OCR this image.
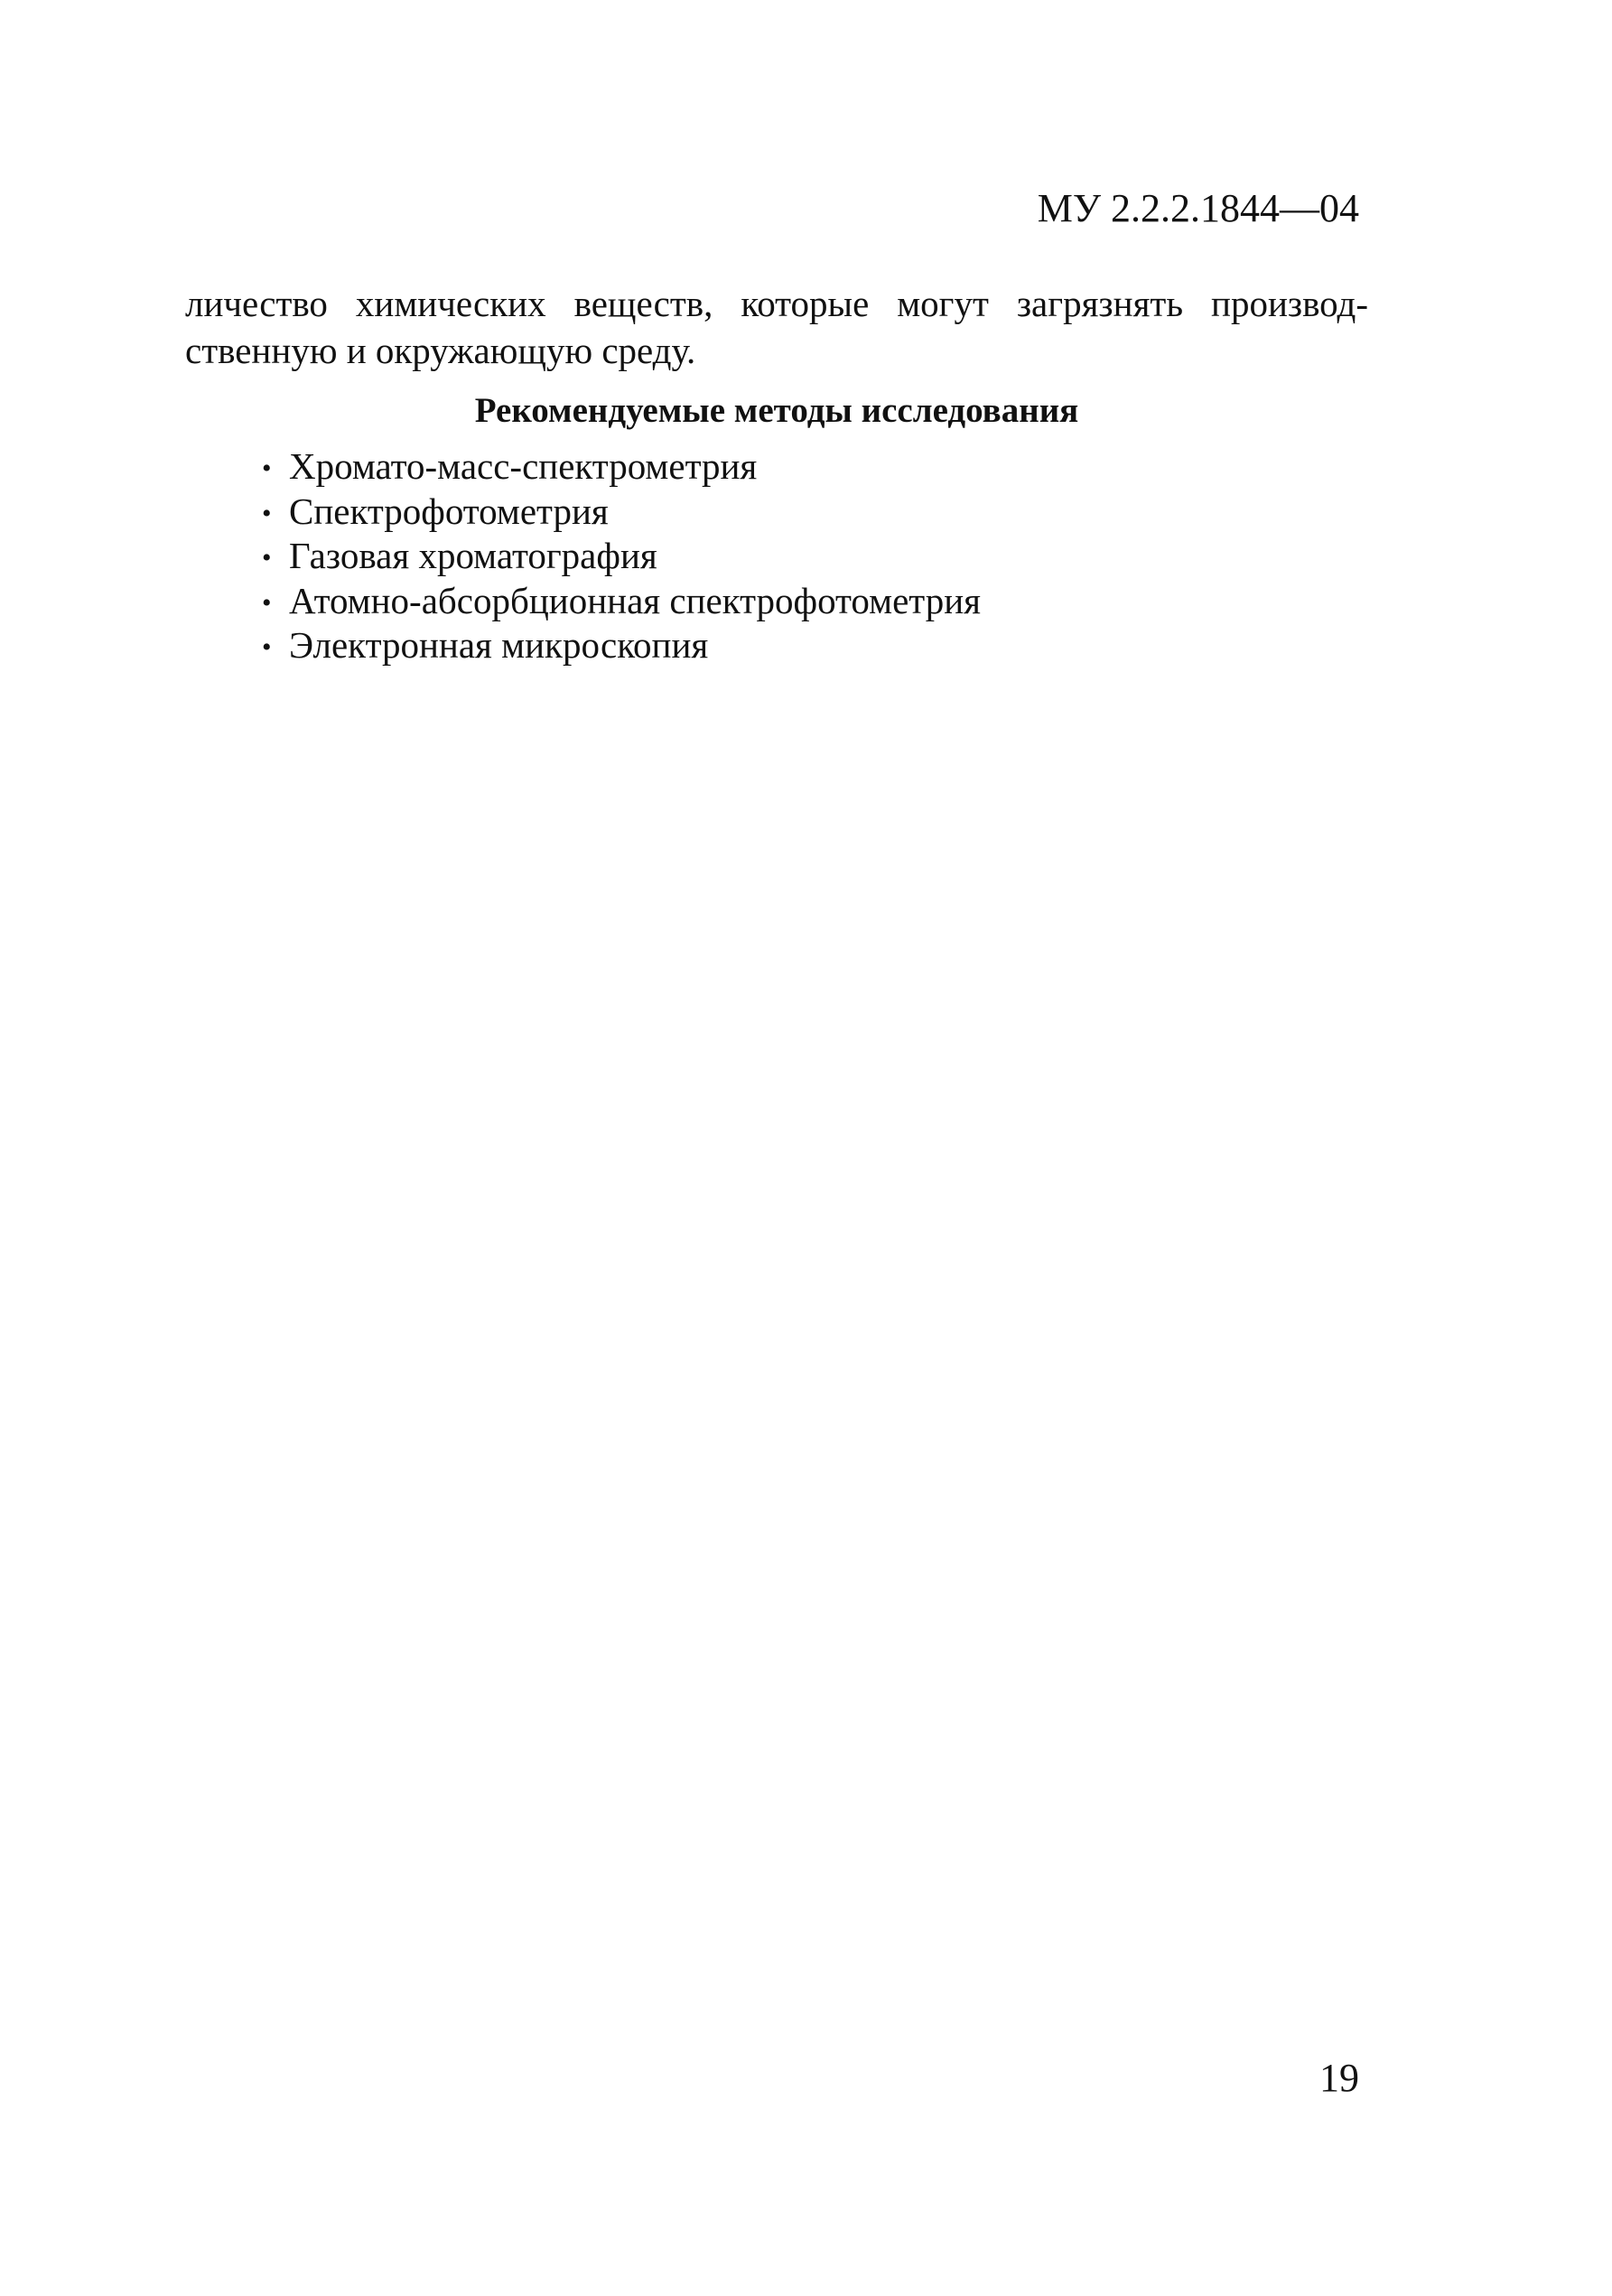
МУ 2.2.2.1844—04
личество химических веществ, которые могут загрязнять производ-
ственную и окружающую среду.
Рекомендуемые методы исследования
• Хромато-масс-спектрометрия
• Спектрофотометрия
• Газовая хроматография
• Атомно-абсорбционная спектрофотометрия
• Электронная микроскопия
19
